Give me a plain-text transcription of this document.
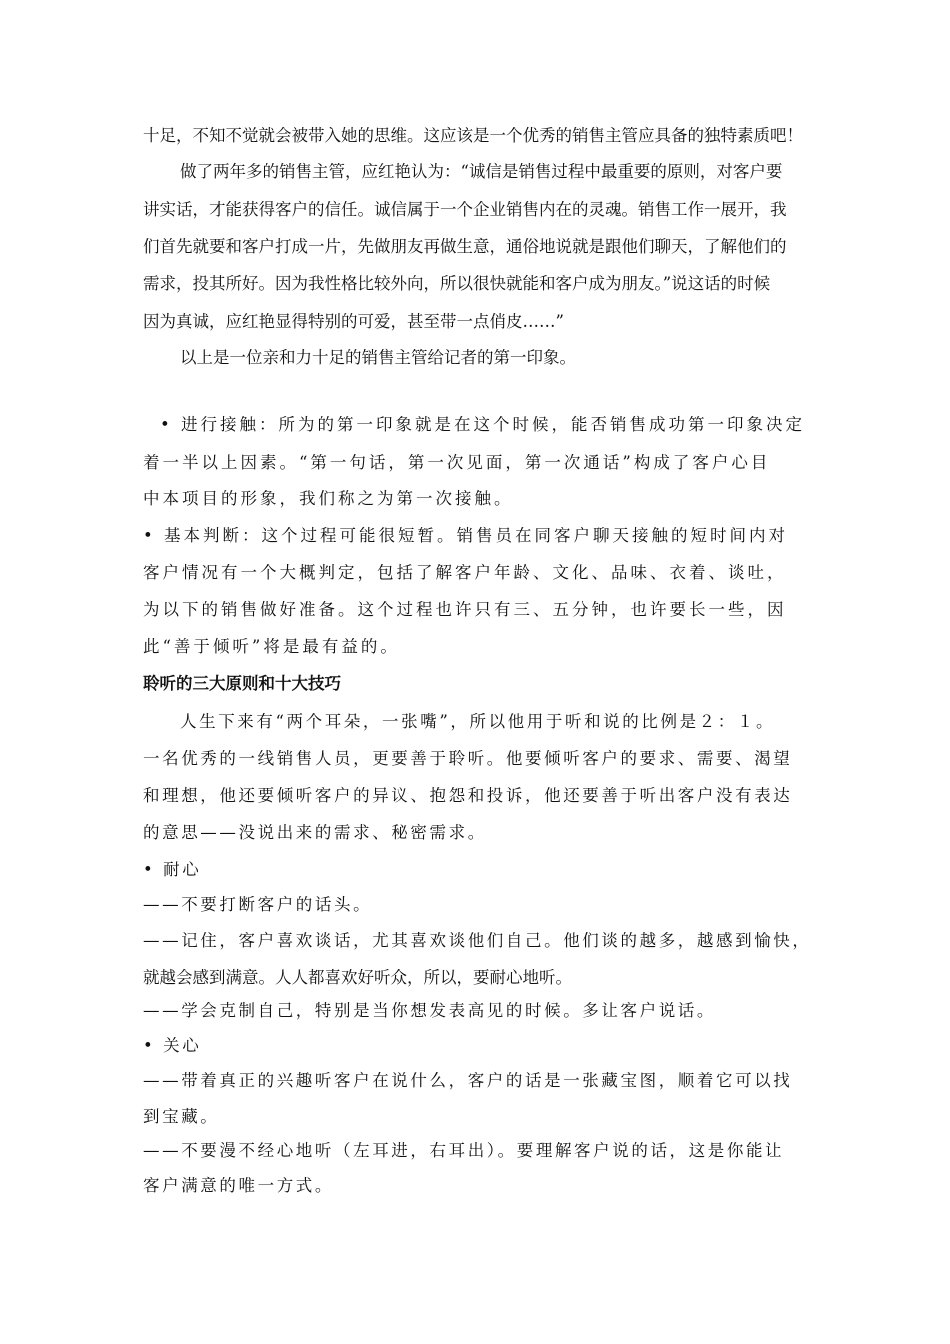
十足，不知不觉就会被带入她的思维。这应该是一个优秀的销售主管应具备的独特素质吧！
做了两年多的销售主管，应红艳认为：“诚信是销售过程中最重要的原则，对客户要
讲实话，才能获得客户的信任。诚信属于一个企业销售内在的灵魂。销售工作一展开，我
们首先就要和客户打成一片，先做朋友再做生意，通俗地说就是跟他们聊天，了解他们的
需求，投其所好。因为我性格比较外向，所以很快就能和客户成为朋友。”说这话的时候
因为真诚，应红艳显得特别的可爱，甚至带一点俏皮……”
以上是一位亲和力十足的销售主管给记者的第一印象。
• 进行接触：所为的第一印象就是在这个时候，能否销售成功第一印象决定
着一半以上因素。“第一句话，第一次见面，第一次通话”构成了客户心目
中本项目的形象，我们称之为第一次接触。
• 基本判断：这个过程可能很短暂。销售员在同客户聊天接触的短时间内对
客户情况有一个大概判定，包括了解客户年龄、文化、品味、衣着、谈吐，
为以下的销售做好准备。这个过程也许只有三、五分钟，也许要长一些，因
此“善于倾听”将是最有益的。
聆听的三大原则和十大技巧
人生下来有“两个耳朵，一张嘴”，所以他用于听和说的比例是２：１。
一名优秀的一线销售人员，更要善于聆听。他要倾听客户的要求、需要、渴望
和理想，他还要倾听客户的异议、抱怨和投诉，他还要善于听出客户没有表达
的意思——没说出来的需求、秘密需求。
• 耐心
——不要打断客户的话头。
——记住，客户喜欢谈话，尤其喜欢谈他们自己。他们谈的越多，越感到愉快，
就越会感到满意。人人都喜欢好听众，所以，要耐心地听。
——学会克制自己，特别是当你想发表高见的时候。多让客户说话。
• 关心
——带着真正的兴趣听客户在说什么，客户的话是一张藏宝图，顺着它可以找
到宝藏。
——不要漫不经心地听（左耳进，右耳出）。要理解客户说的话，这是你能让
客户满意的唯一方式。
